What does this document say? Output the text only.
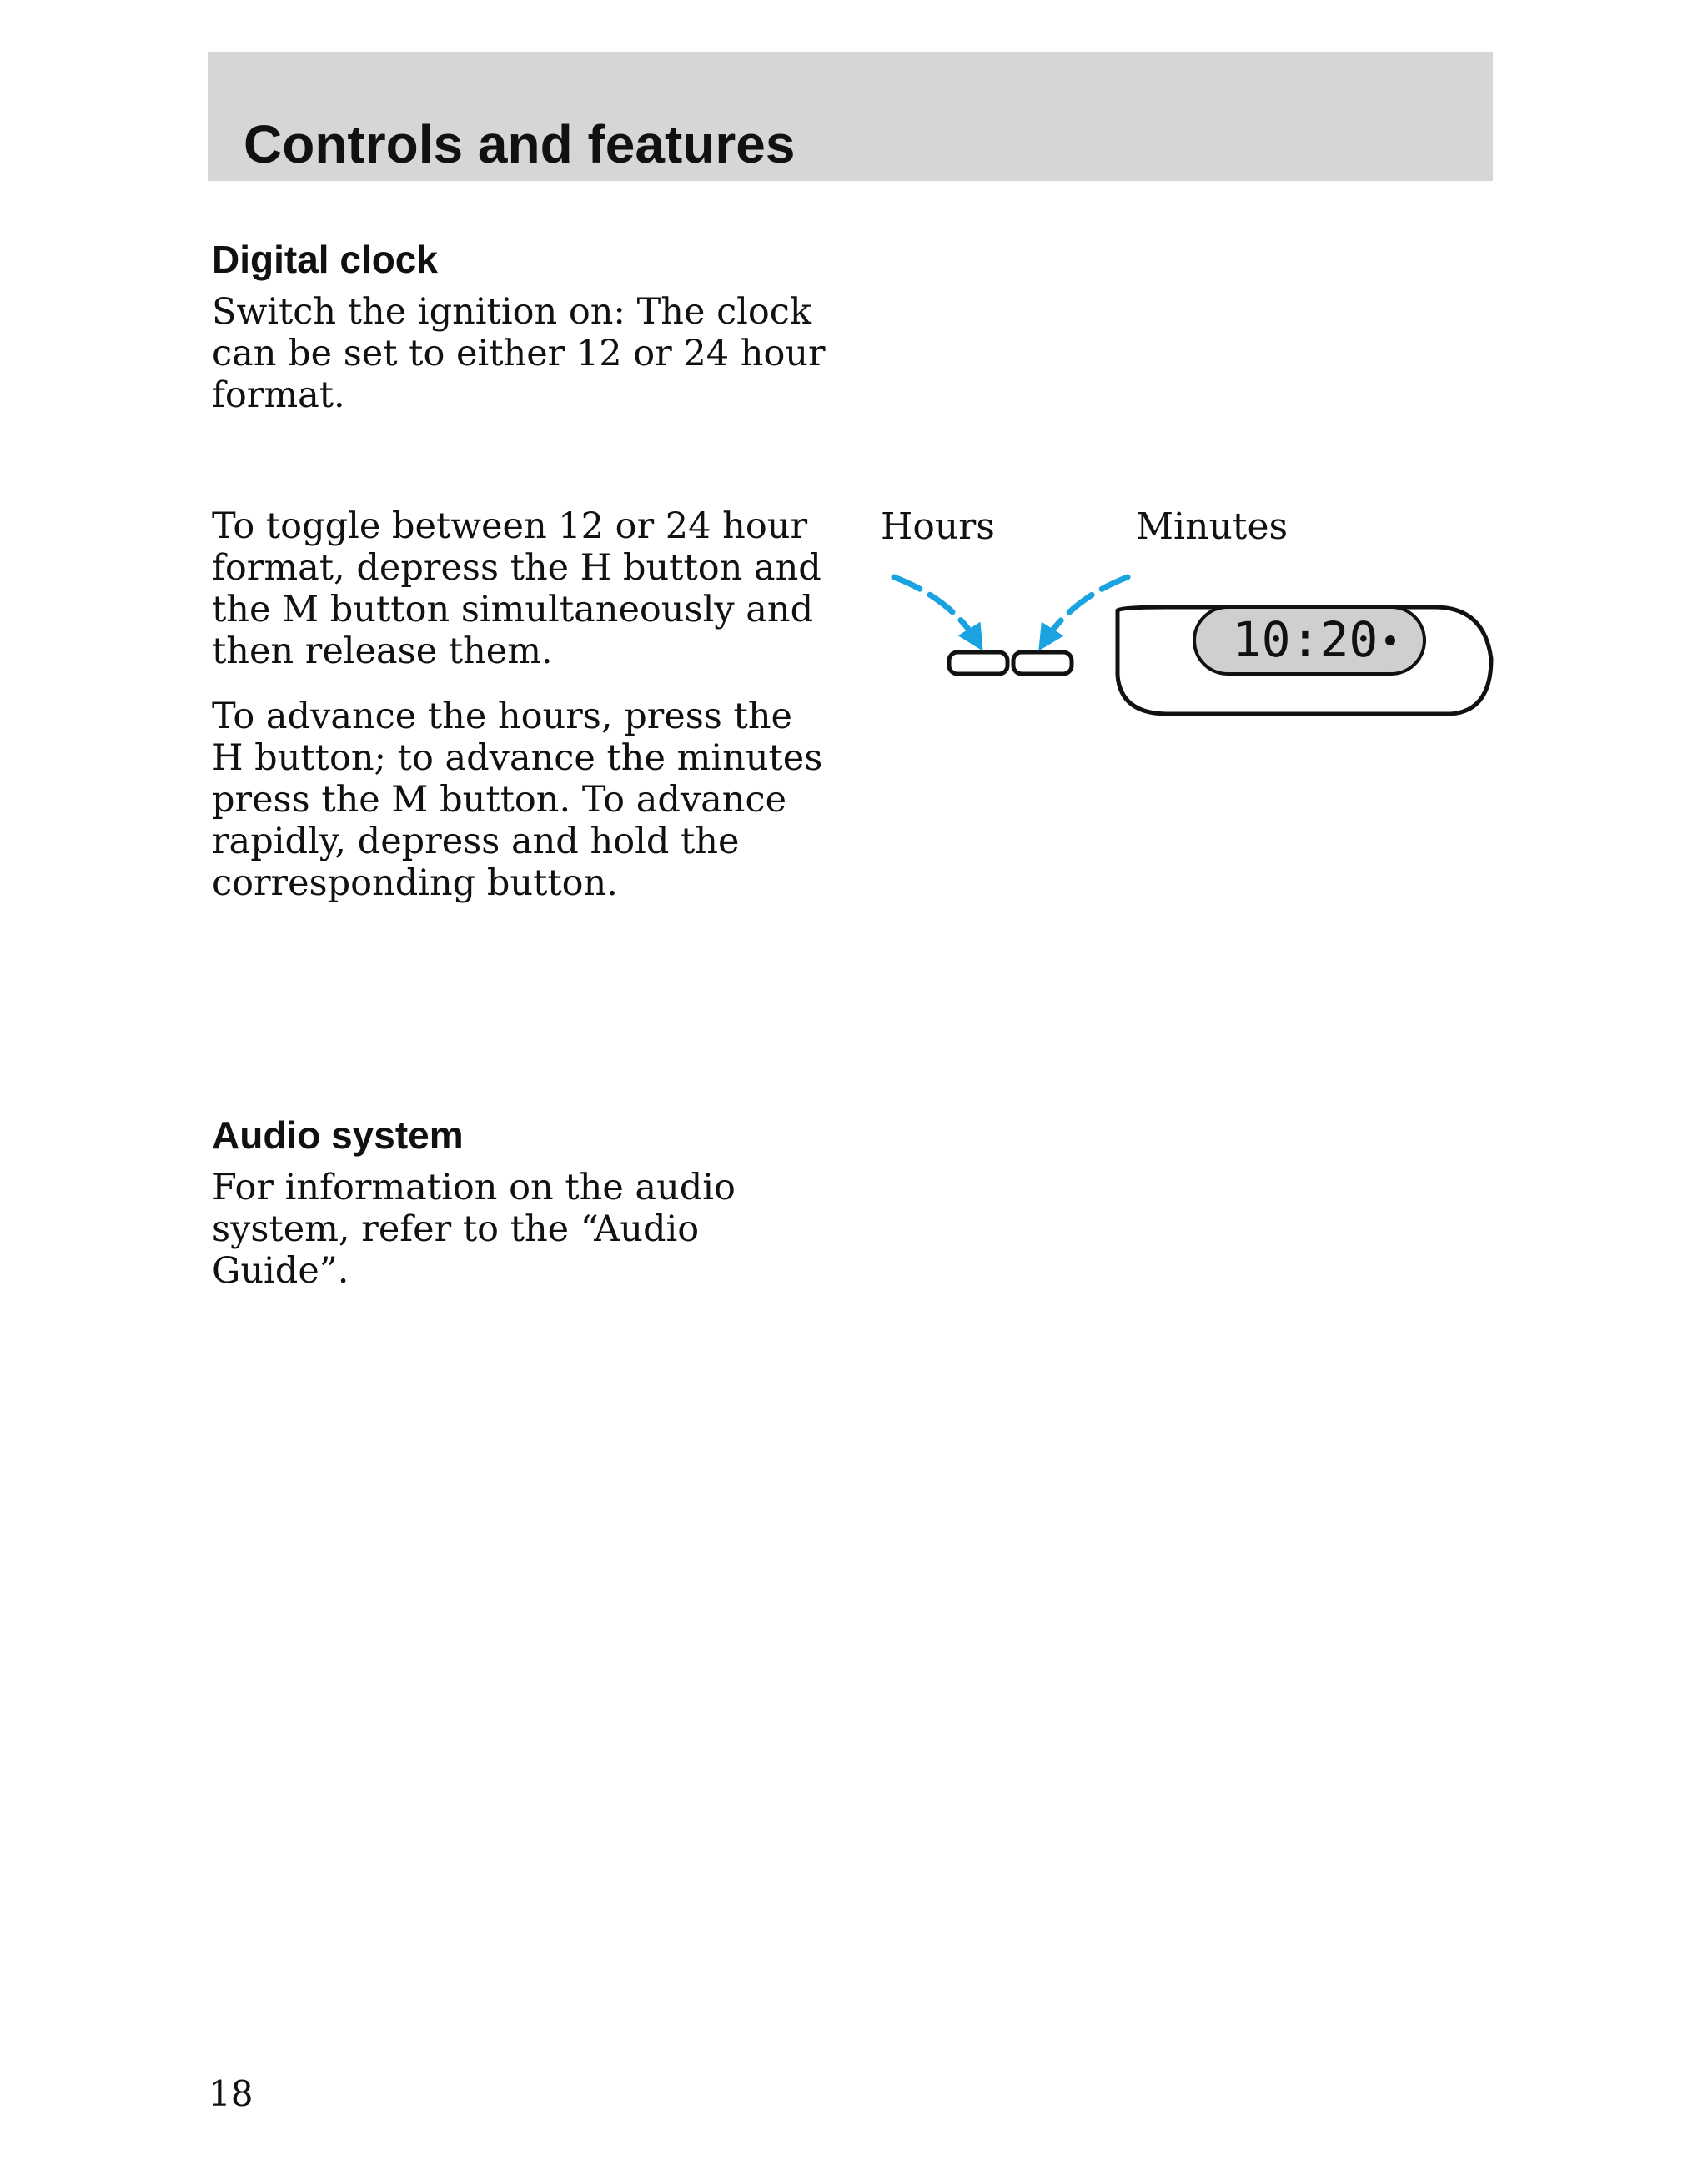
Controls and features
Digital clock

Switch the ignition on: The clock can be set to either 12 or 24 hour format.

To toggle between 12 or 24 hour format, depress the H button and the M button simultaneously and then release them.

To advance the hours, press the H button; to advance the minutes press the M button. To advance rapidly, depress and hold the corresponding button.

Hours	Minutes
10:20
Audio system

For information on the audio system, refer to the “Audio Guide”.

18
